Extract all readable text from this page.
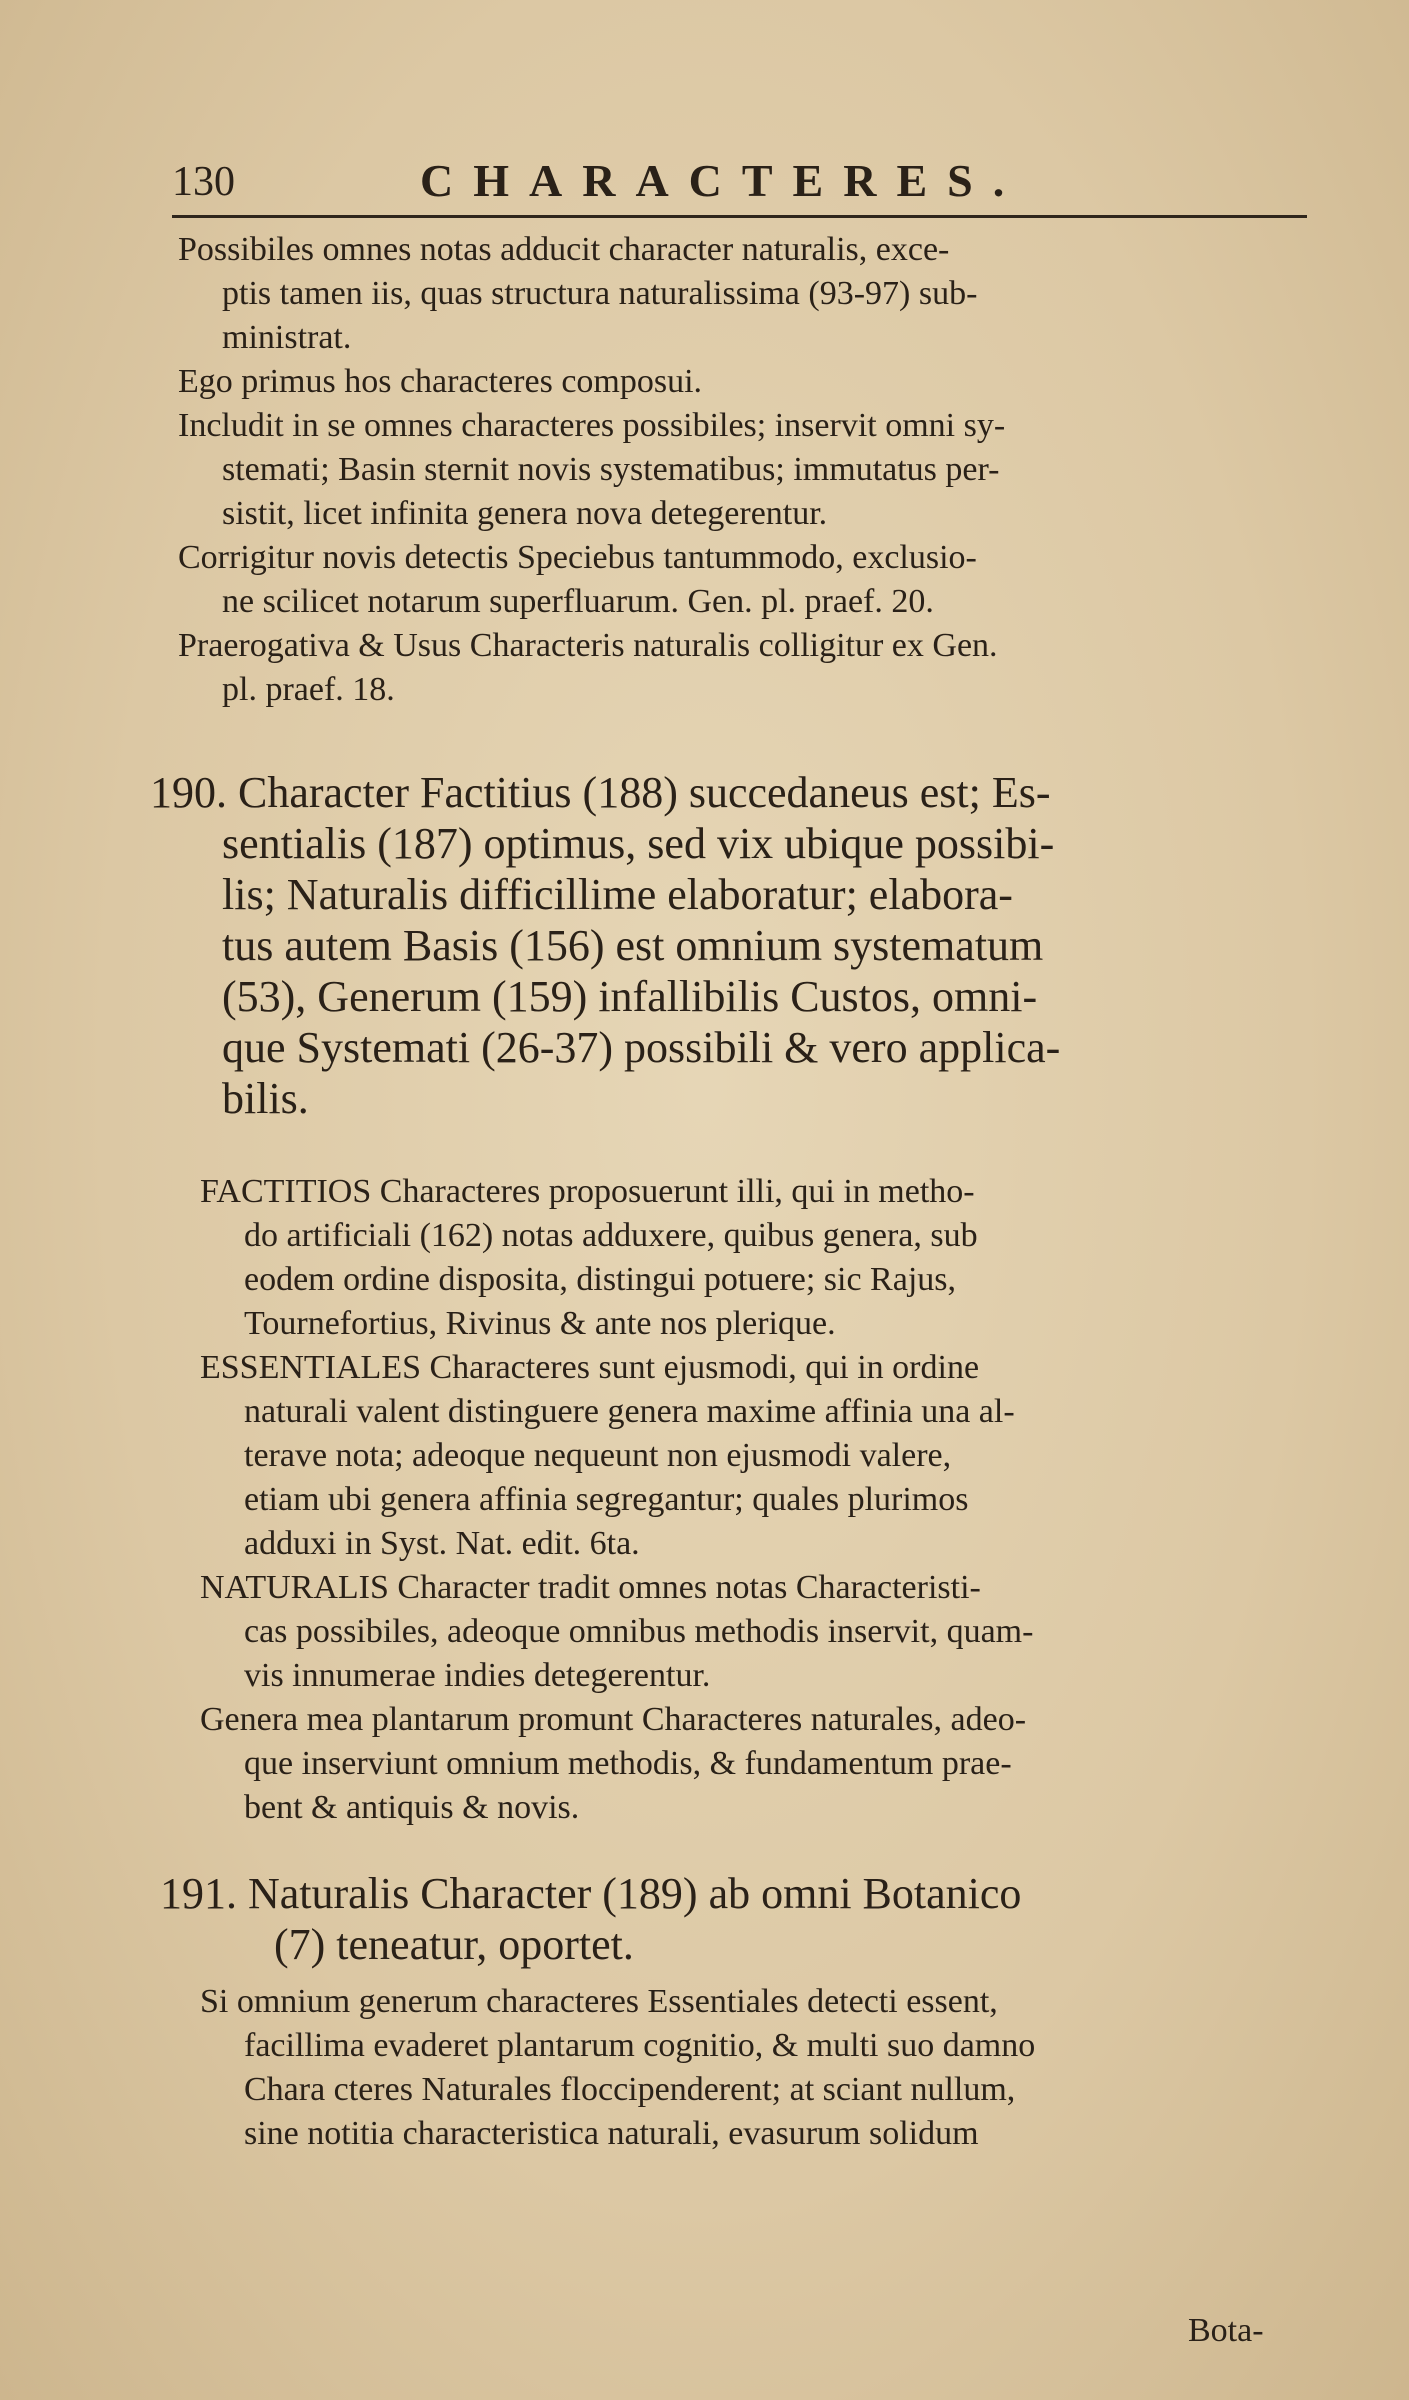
130	CHARACTERES.
Possibiles omnes notas adducit character naturalis, exce-
ptis tamen iis, quas structura naturalissima (93-97) sub-
ministrat.
Ego primus hos characteres composui.
Includit in se omnes characteres possibiles; inservit omni sy-
stemati; Basin sternit novis systematibus; immutatus per-
sistit, licet infinita genera nova detegerentur.
Corrigitur novis detectis Speciebus tantummodo, exclusio-
ne scilicet notarum superfluarum. Gen. pl. praef. 20.
Praerogativa & Usus Characteris naturalis colligitur ex Gen.
pl. praef. 18.
190. Character Factitius (188) succedaneus est; Es-
sentialis (187) optimus, sed vix ubique possibi-
lis; Naturalis difficillime elaboratur; elabora-
tus autem Basis (156) est omnium systematum
(53), Generum (159) infallibilis Custos, omni-
que Systemati (26-37) possibili & vero applica-
bilis.
FACTITIOS Characteres proposuerunt illi, qui in metho-
do artificiali (162) notas adduxere, quibus genera, sub
eodem ordine disposita, distingui potuere; sic Rajus,
Tournefortius, Rivinus & ante nos plerique.
ESSENTIALES Characteres sunt ejusmodi, qui in ordine
naturali valent distinguere genera maxime affinia una al-
terave nota; adeoque nequeunt non ejusmodi valere,
etiam ubi genera affinia segregantur; quales plurimos
adduxi in Syst. Nat. edit. 6ta.
NATURALIS Character tradit omnes notas Characteristi-
cas possibiles, adeoque omnibus methodis inservit, quam-
vis innumerae indies detegerentur.
Genera mea plantarum promunt Characteres naturales, adeo-
que inserviunt omnium methodis, & fundamentum prae-
bent & antiquis & novis.
191. Naturalis Character (189) ab omni Botanico
(7) teneatur, oportet.
Si omnium generum characteres Essentiales detecti essent,
facillima evaderet plantarum cognitio, & multi suo damno
Chara cteres Naturales floccipenderent; at sciant nullum,
sine notitia characteristica naturali, evasurum solidum
Bota-
